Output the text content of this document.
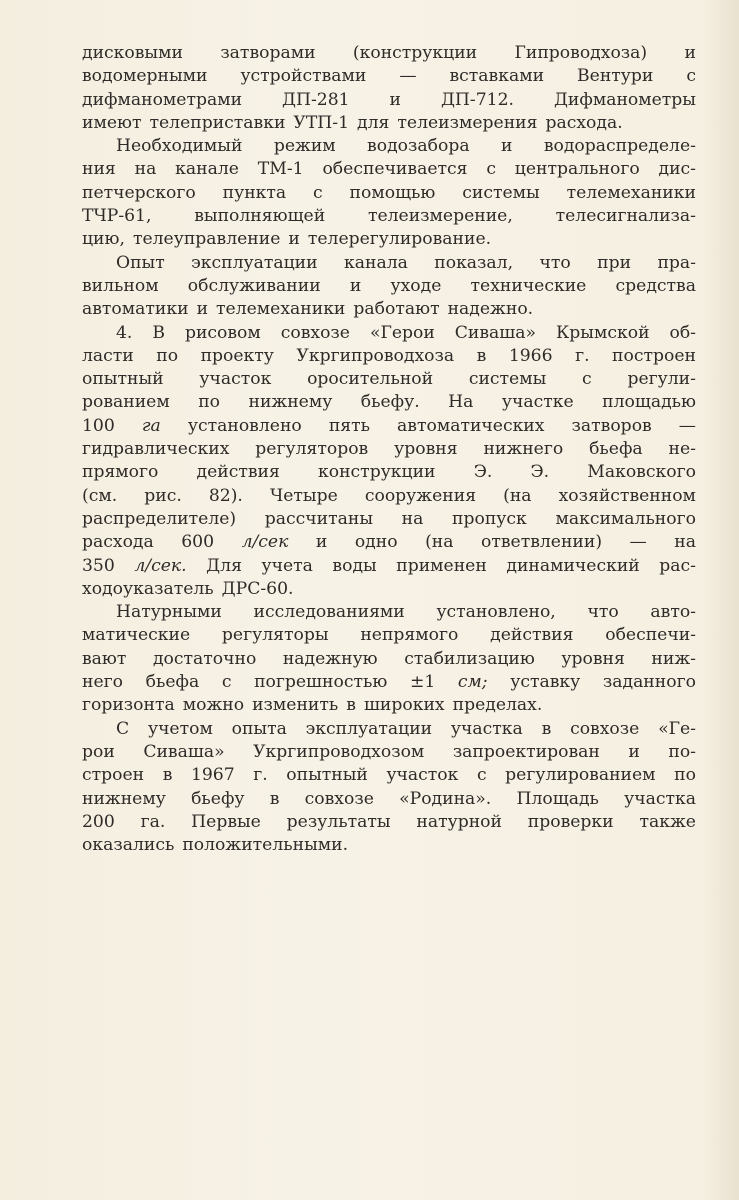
дисковыми затворами (конструкции Гипроводхоза) и
водомерными устройствами — вставками Вентури с
дифманометрами ДП-281 и ДП-712. Дифманометры
имеют телеприставки УТП-1 для телеизмерения расхода.
Необходимый режим водозабора и водораспределе-
ния на канале ТМ-1 обеспечивается с центрального дис-
петчерского пункта с помощью системы телемеханики
ТЧР-61, выполняющей телеизмерение, телесигнализа-
цию, телеуправление и телерегулирование.
Опыт эксплуатации канала показал, что при пра-
вильном обслуживании и уходе технические средства
автоматики и телемеханики работают надежно.
4. В рисовом совхозе «Герои Сиваша» Крымской об-
ласти по проекту Укргипроводхоза в 1966 г. построен
опытный участок оросительной системы с регули-
рованием по нижнему бьефу. На участке площадью
100 га установлено пять автоматических затворов —
гидравлических регуляторов уровня нижнего бьефа не-
прямого действия конструкции Э. Э. Маковского
(см. рис. 82). Четыре сооружения (на хозяйственном
распределителе) рассчитаны на пропуск максимального
расхода 600 л/сек и одно (на ответвлении) — на
350 л/сек. Для учета воды применен динамический рас-
ходоуказатель ДРС-60.
Натурными исследованиями установлено, что авто-
матические регуляторы непрямого действия обеспечи-
вают достаточно надежную стабилизацию уровня ниж-
него бьефа с погрешностью ±1 см; уставку заданного
горизонта можно изменить в широких пределах.
С учетом опыта эксплуатации участка в совхозе «Ге-
рои Сиваша» Укргипроводхозом запроектирован и по-
строен в 1967 г. опытный участок с регулированием по
нижнему бьефу в совхозе «Родина». Площадь участка
200 га. Первые результаты натурной проверки также
оказались положительными.
